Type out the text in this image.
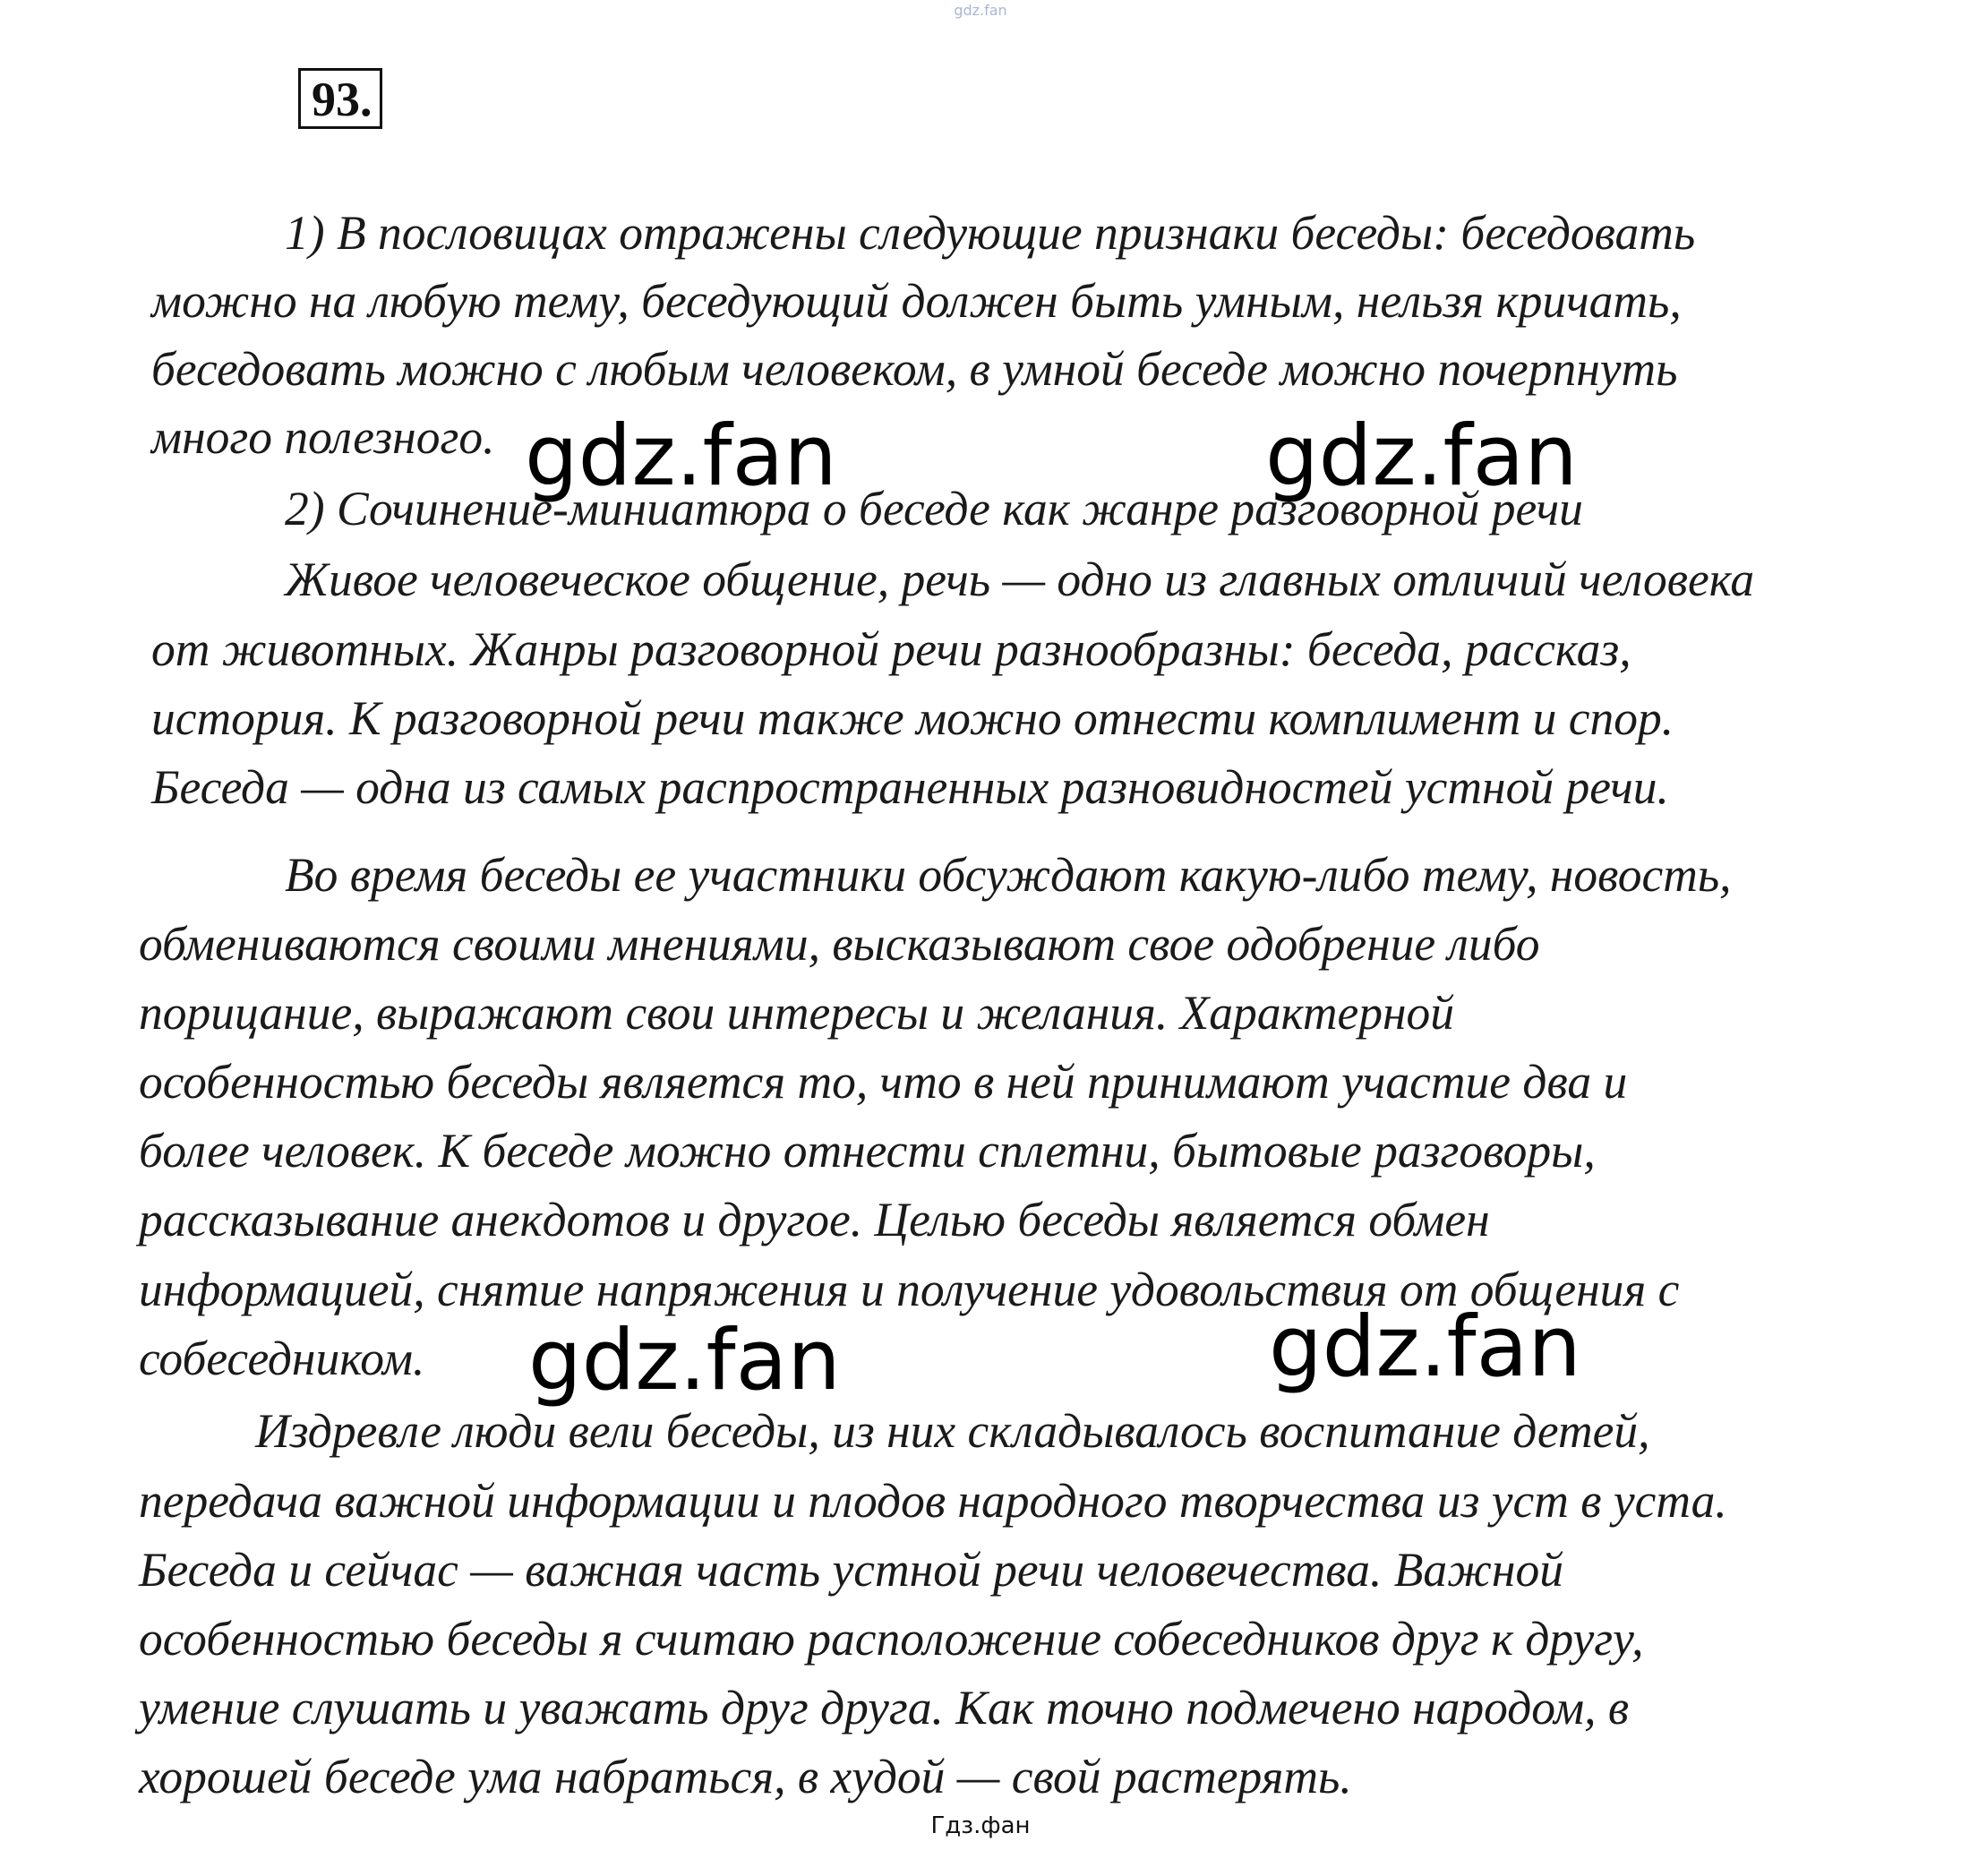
gdz.fan
93.
1) В пословицах отражены следующие признаки беседы: беседовать
можно на любую тему, беседующий должен быть умным, нельзя кричать,
беседовать можно с любым человеком, в умной беседе можно почерпнуть
много полезного.
2) Сочинение-миниатюра о беседе как жанре разговорной речи
Живое человеческое общение, речь — одно из главных отличий человека
от животных. Жанры разговорной речи разнообразны: беседа, рассказ,
история. К разговорной речи также можно отнести комплимент и спор.
Беседа — одна из самых распространенных разновидностей устной речи.
Во время беседы ее участники обсуждают какую-либо тему, новость,
обмениваются своими мнениями, высказывают свое одобрение либо
порицание, выражают свои интересы и желания. Характерной
особенностью беседы является то, что в ней принимают участие два и
более человек. К беседе можно отнести сплетни, бытовые разговоры,
рассказывание анекдотов и другое. Целью беседы является обмен
информацией, снятие напряжения и получение удовольствия от общения с
собеседником.
Издревле люди вели беседы, из них складывалось воспитание детей,
передача важной информации и плодов народного творчества из уст в уста.
Беседа и сейчас — важная часть устной речи человечества. Важной
особенностью беседы я считаю расположение собеседников друг к другу,
умение слушать и уважать друг друга. Как точно подмечено народом, в
хорошей беседе ума набраться, в худой — свой растерять.
gdz.fan	gdz.fan
gdz.fan	gdz.fan
Гдз.фан
